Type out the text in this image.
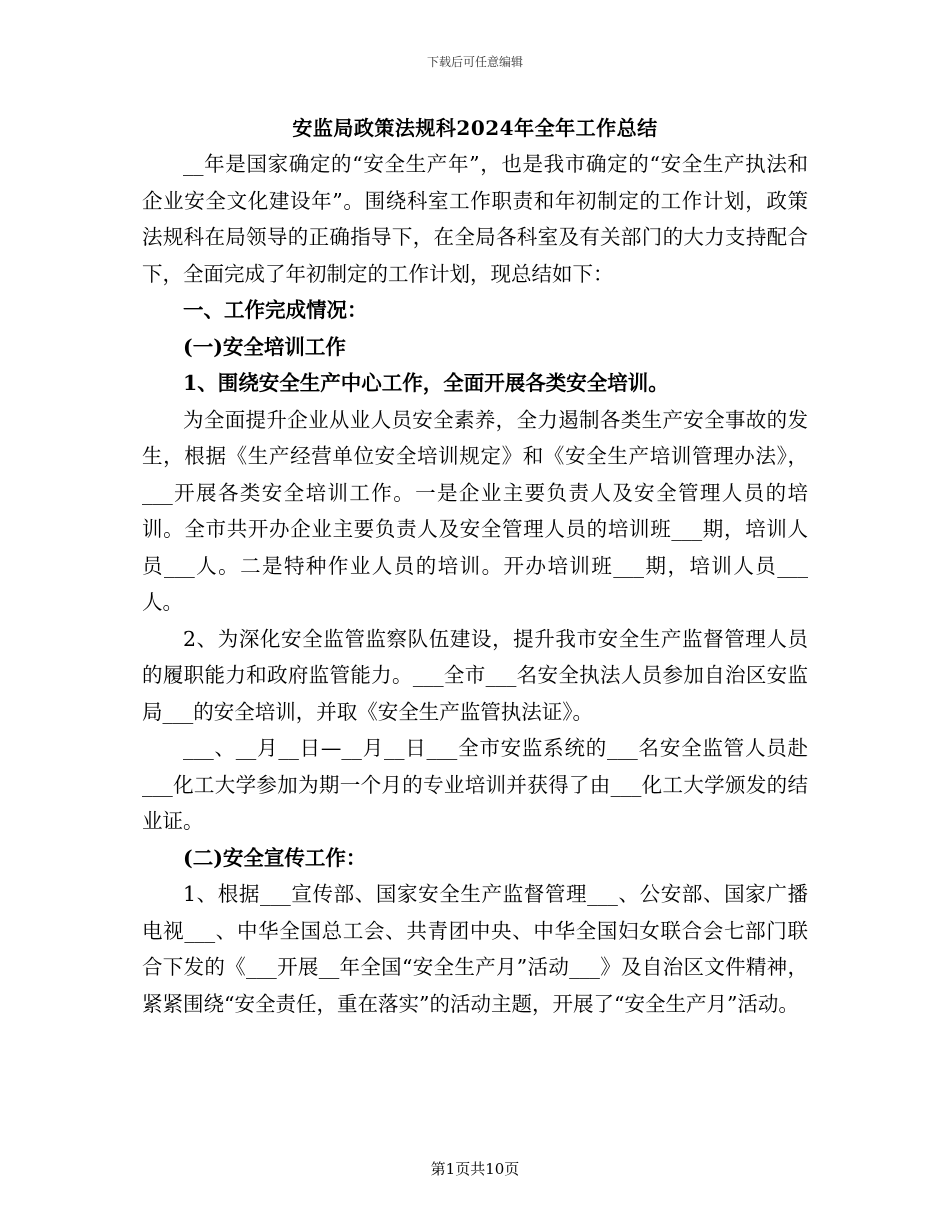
下载后可任意编辑
安监局政策法规科2024年全年工作总结

__年是国家确定的“安全生产年”，也是我市确定的“安全生产执法和企业安全文化建设年”。围绕科室工作职责和年初制定的工作计划，政策法规科在局领导的正确指导下，在全局各科室及有关部门的大力支持配合下，全面完成了年初制定的工作计划，现总结如下：

一、工作完成情况：

(一)安全培训工作

1、围绕安全生产中心工作，全面开展各类安全培训。

为全面提升企业从业人员安全素养，全力遏制各类生产安全事故的发生，根据《生产经营单位安全培训规定》和《安全生产培训管理办法》，___开展各类安全培训工作。一是企业主要负责人及安全管理人员的培训。全市共开办企业主要负责人及安全管理人员的培训班___期，培训人员___人。二是特种作业人员的培训。开办培训班___期，培训人员___人。

2、为深化安全监管监察队伍建设，提升我市安全生产监督管理人员的履职能力和政府监管能力。___全市___名安全执法人员参加自治区安监局___的安全培训，并取《安全生产监管执法证》。

___、__月__日—__月__日___全市安监系统的___名安全监管人员赴___化工大学参加为期一个月的专业培训并获得了由___化工大学颁发的结业证。

(二)安全宣传工作：

1、根据___宣传部、国家安全生产监督管理___、公安部、国家广播电视___、中华全国总工会、共青团中央、中华全国妇女联合会七部门联合下发的《___开展__年全国“安全生产月”活动___》及自治区文件精神，紧紧围绕“安全责任，重在落实”的活动主题，开展了“安全生产月”活动。

第1页共10页
